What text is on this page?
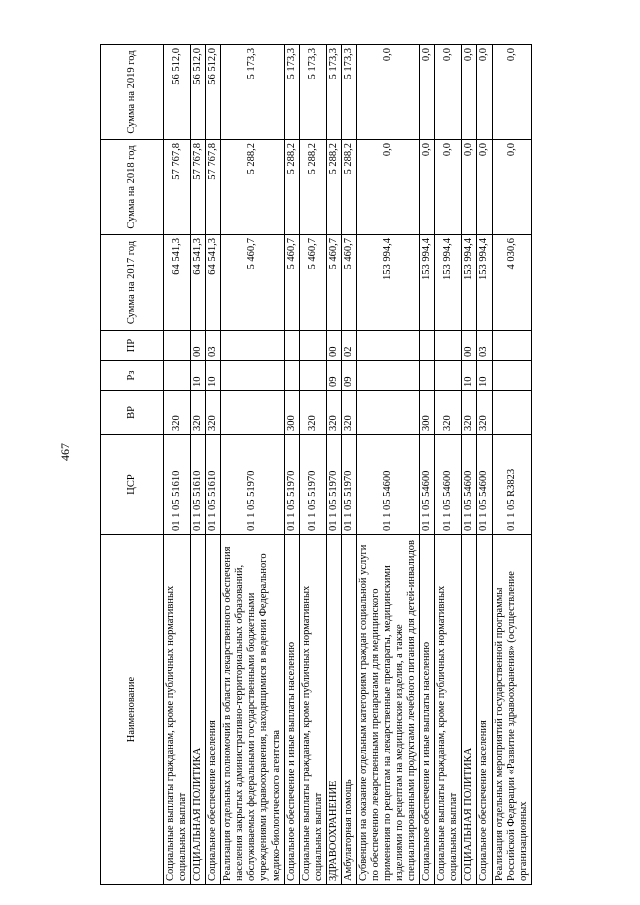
467
Наименование	ЦСР	ВР	Рз	ПР	Сумма на 2017 год	Сумма на 2018 год	Сумма на 2019 год
Социальные выплаты гражданам, кроме публичных нормативных социальных выплат	01 1 05 51610	320			64 541,3	57 767,8	56 512,0
СОЦИАЛЬНАЯ ПОЛИТИКА	01 1 05 51610	320	10	00	64 541,3	57 767,8	56 512,0
Социальное обеспечение населения	01 1 05 51610	320	10	03	64 541,3	57 767,8	56 512,0
Реализация отдельных полномочий в области лекарственного обеспечения населения закрытых административно-территориальных образований, обслуживаемых федеральными государственными бюджетными учреждениями здравоохранения, находящимися в ведении Федерального медико-биологического агентства	01 1 05 51970				5 460,7	5 288,2	5 173,3
Социальное обеспечение и иные выплаты населению	01 1 05 51970	300			5 460,7	5 288,2	5 173,3
Социальные выплаты гражданам, кроме публичных нормативных социальных выплат	01 1 05 51970	320			5 460,7	5 288,2	5 173,3
ЗДРАВООХРАНЕНИЕ	01 1 05 51970	320	09	00	5 460,7	5 288,2	5 173,3
Амбулаторная помощь	01 1 05 51970	320	09	02	5 460,7	5 288,2	5 173,3
Субвенции на оказание отдельным категориям граждан социальной услуги по обеспечению лекарственными препаратами для медицинского применения по рецептам на лекарственные препараты, медицинскими изделиями по рецептам на медицинские изделия, а также специализированными продуктами лечебного питания для детей-инвалидов	01 1 05 54600				153 994,4	0,0	0,0
Социальное обеспечение и иные выплаты населению	01 1 05 54600	300			153 994,4	0,0	0,0
Социальные выплаты гражданам, кроме публичных нормативных социальных выплат	01 1 05 54600	320			153 994,4	0,0	0,0
СОЦИАЛЬНАЯ ПОЛИТИКА	01 1 05 54600	320	10	00	153 994,4	0,0	0,0
Социальное обеспечение населения	01 1 05 54600	320	10	03	153 994,4	0,0	0,0
Реализация отдельных мероприятий государственной программы Российской Федерации «Развитие здравоохранения» (осуществление организационных	01 1 05 R3823				4 030,6	0,0	0,0
